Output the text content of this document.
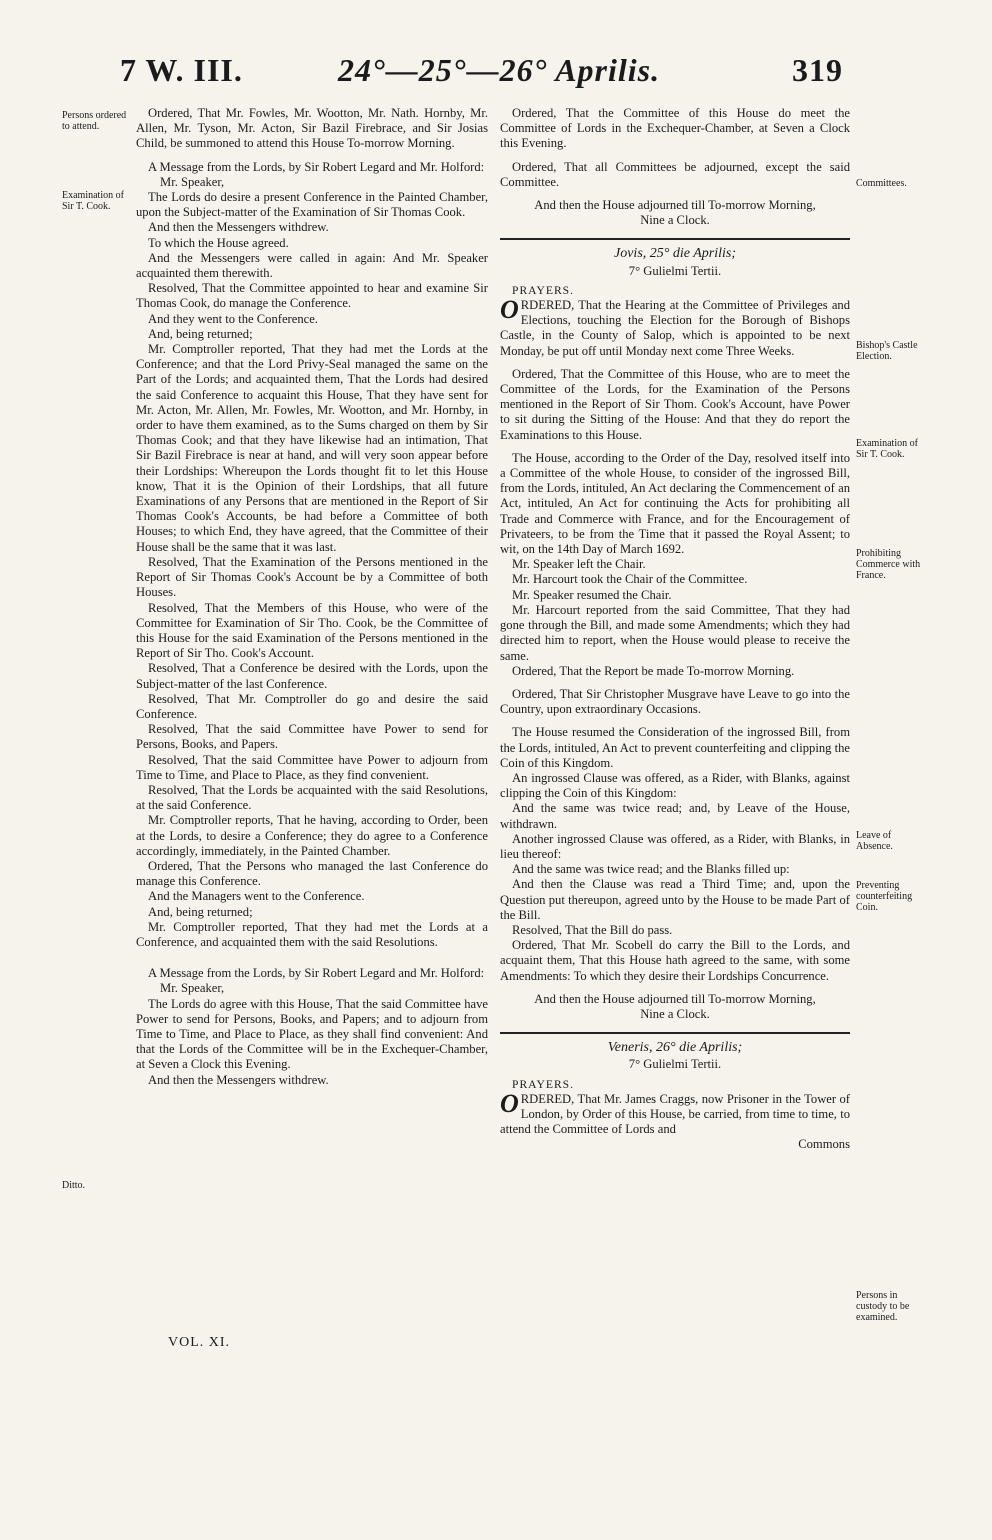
7 W. III.	24°—25°—26° Aprilis.	319
Persons ordered to attend.
Examination of Sir T. Cook.
Ditto.
Committees.
Bishop's Castle Election.
Examination of Sir T. Cook.
Prohibiting Commerce with France.
Leave of Absence.
Preventing counterfeiting Coin.
Persons in custody to be examined.

Ordered, That Mr. Fowles, Mr. Wootton, Mr. Nath. Hornby, Mr. Allen, Mr. Tyson, Mr. Acton, Sir Bazil Firebrace, and Sir Josias Child, be summoned to attend this House To-morrow Morning.

A Message from the Lords, by Sir Robert Legard and Mr. Holford:

Mr. Speaker,

The Lords do desire a present Conference in the Painted Chamber, upon the Subject-matter of the Examination of Sir Thomas Cook.

And then the Messengers withdrew.

To which the House agreed.

And the Messengers were called in again: And Mr. Speaker acquainted them therewith.

Resolved, That the Committee appointed to hear and examine Sir Thomas Cook, do manage the Conference.

And they went to the Conference.

And, being returned;

Mr. Comptroller reported, That they had met the Lords at the Conference; and that the Lord Privy-Seal managed the same on the Part of the Lords; and acquainted them, That the Lords had desired the said Conference to acquaint this House, That they have sent for Mr. Acton, Mr. Allen, Mr. Fowles, Mr. Wootton, and Mr. Hornby, in order to have them examined, as to the Sums charged on them by Sir Thomas Cook; and that they have likewise had an intimation, That Sir Bazil Firebrace is near at hand, and will very soon appear before their Lordships: Whereupon the Lords thought fit to let this House know, That it is the Opinion of their Lordships, that all future Examinations of any Persons that are mentioned in the Report of Sir Thomas Cook's Accounts, be had before a Committee of both Houses; to which End, they have agreed, that the Committee of their House shall be the same that it was last.

Resolved, That the Examination of the Persons mentioned in the Report of Sir Thomas Cook's Account be by a Committee of both Houses.

Resolved, That the Members of this House, who were of the Committee for Examination of Sir Tho. Cook, be the Committee of this House for the said Examination of the Persons mentioned in the Report of Sir Tho. Cook's Account.

Resolved, That a Conference be desired with the Lords, upon the Subject-matter of the last Conference.

Resolved, That Mr. Comptroller do go and desire the said Conference.

Resolved, That the said Committee have Power to send for Persons, Books, and Papers.

Resolved, That the said Committee have Power to adjourn from Time to Time, and Place to Place, as they find convenient.

Resolved, That the Lords be acquainted with the said Resolutions, at the said Conference.

Mr. Comptroller reports, That he having, according to Order, been at the Lords, to desire a Conference; they do agree to a Conference accordingly, immediately, in the Painted Chamber.

Ordered, That the Persons who managed the last Conference do manage this Conference.

And the Managers went to the Conference.

And, being returned;

Mr. Comptroller reported, That they had met the Lords at a Conference, and acquainted them with the said Resolutions.

A Message from the Lords, by Sir Robert Legard and Mr. Holford:

Mr. Speaker,

The Lords do agree with this House, That the said Committee have Power to send for Persons, Books, and Papers; and to adjourn from Time to Time, and Place to Place, as they shall find convenient: And that the Lords of the Committee will be in the Exchequer-Chamber, at Seven a Clock this Evening.

And then the Messengers withdrew.

Ordered, That the Committee of this House do meet the Committee of Lords in the Exchequer-Chamber, at Seven a Clock this Evening.

Ordered, That all Committees be adjourned, except the said Committee.

And then the House adjourned till To-morrow Morning, Nine a Clock.

Jovis, 25° die Aprilis;
7° Gulielmi Tertii.

PRAYERS.

ORDERED, That the Hearing at the Committee of Privileges and Elections, touching the Election for the Borough of Bishops Castle, in the County of Salop, which is appointed to be next Monday, be put off until Monday next come Three Weeks.

Ordered, That the Committee of this House, who are to meet the Committee of the Lords, for the Examination of the Persons mentioned in the Report of Sir Thom. Cook's Account, have Power to sit during the Sitting of the House: And that they do report the Examinations to this House.

The House, according to the Order of the Day, resolved itself into a Committee of the whole House, to consider of the ingrossed Bill, from the Lords, intituled, An Act declaring the Commencement of an Act, intituled, An Act for continuing the Acts for prohibiting all Trade and Commerce with France, and for the Encouragement of Privateers, to be from the Time that it passed the Royal Assent; to wit, on the 14th Day of March 1692.

Mr. Speaker left the Chair.

Mr. Harcourt took the Chair of the Committee.

Mr. Speaker resumed the Chair.

Mr. Harcourt reported from the said Committee, That they had gone through the Bill, and made some Amendments; which they had directed him to report, when the House would please to receive the same.

Ordered, That the Report be made To-morrow Morning.

Ordered, That Sir Christopher Musgrave have Leave to go into the Country, upon extraordinary Occasions.

The House resumed the Consideration of the ingrossed Bill, from the Lords, intituled, An Act to prevent counterfeiting and clipping the Coin of this Kingdom.

An ingrossed Clause was offered, as a Rider, with Blanks, against clipping the Coin of this Kingdom:

And the same was twice read; and, by Leave of the House, withdrawn.

Another ingrossed Clause was offered, as a Rider, with Blanks, in lieu thereof:

And the same was twice read; and the Blanks filled up:

And then the Clause was read a Third Time; and, upon the Question put thereupon, agreed unto by the House to be made Part of the Bill.

Resolved, That the Bill do pass.

Ordered, That Mr. Scobell do carry the Bill to the Lords, and acquaint them, That this House hath agreed to the same, with some Amendments: To which they desire their Lordships Concurrence.

And then the House adjourned till To-morrow Morning, Nine a Clock.

Veneris, 26° die Aprilis;
7° Gulielmi Tertii.

PRAYERS.

ORDERED, That Mr. James Craggs, now Prisoner in the Tower of London, by Order of this House, be carried, from time to time, to attend the Committee of Lords and

Commons

VOL. XI.
